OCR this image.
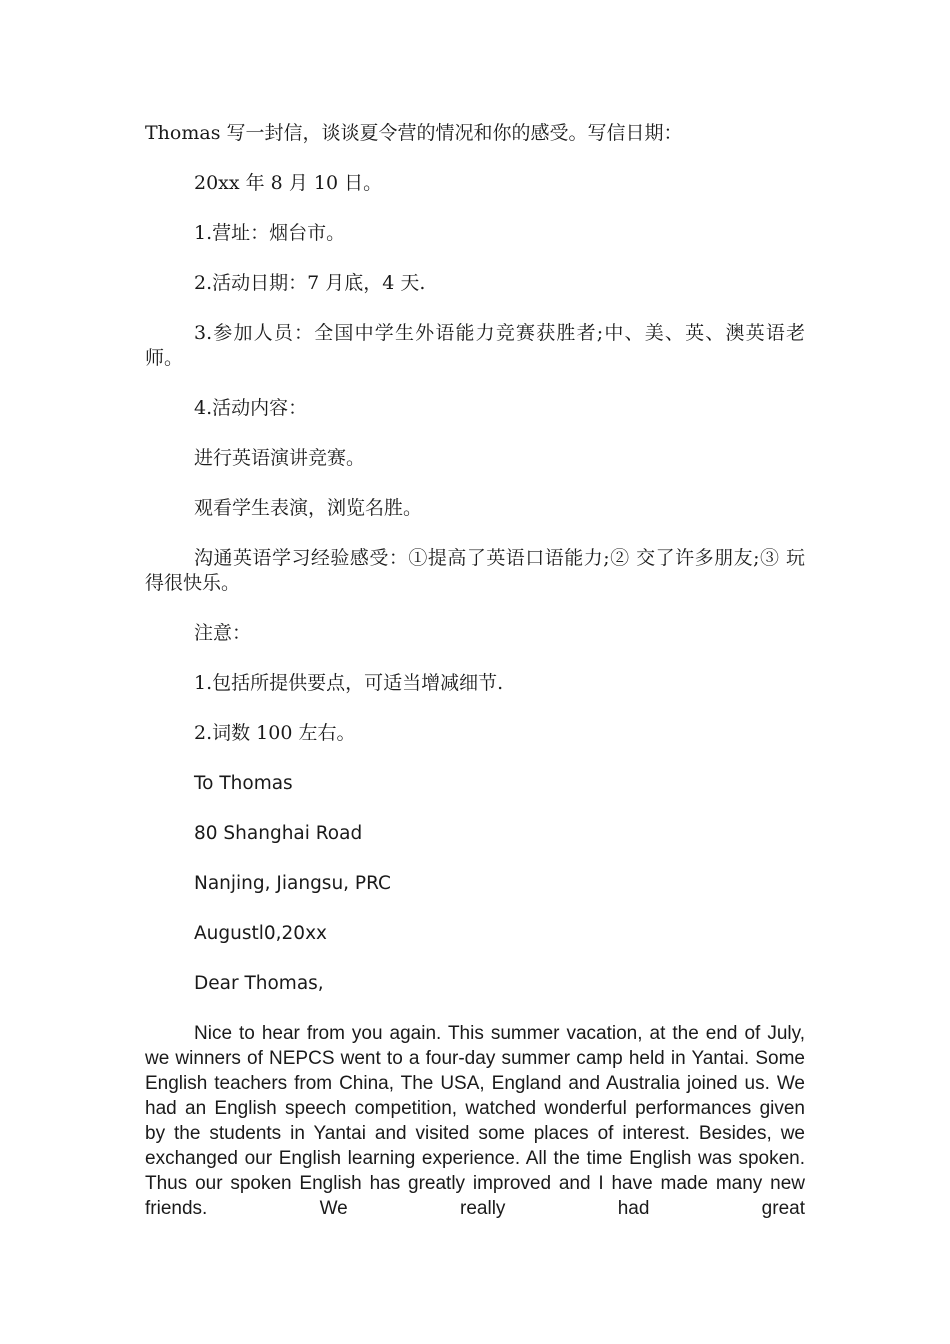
Thomas 写一封信，谈谈夏令营的情况和你的感受。写信日期：

20xx 年 8 月 10 日。

1.营址：烟台市。

2.活动日期：7 月底，4 天.

3.参加人员：全国中学生外语能力竞赛获胜者;中、美、英、澳英语老师。

4.活动内容：

进行英语演讲竞赛。

观看学生表演，浏览名胜。

沟通英语学习经验感受：①提高了英语口语能力;② 交了许多朋友;③ 玩得很快乐。

注意：

1.包括所提供要点，可适当增减细节.

2.词数 100 左右。

To Thomas

80 Shanghai Road

Nanjing, Jiangsu, PRC

Augustl0,20xx

Dear Thomas,

Nice to hear from you again. This summer vacation, at the end of July, we winners of NEPCS went to a four-day summer camp held in Yantai. Some English teachers from China, The USA, England and Australia joined us. We had an English speech competition, watched wonderful performances given by the students in Yantai and visited some places of interest. Besides, we exchanged our English learning experience. All the time English was spoken. Thus our spoken English has greatly improved and I have made many new friends. We really had great
